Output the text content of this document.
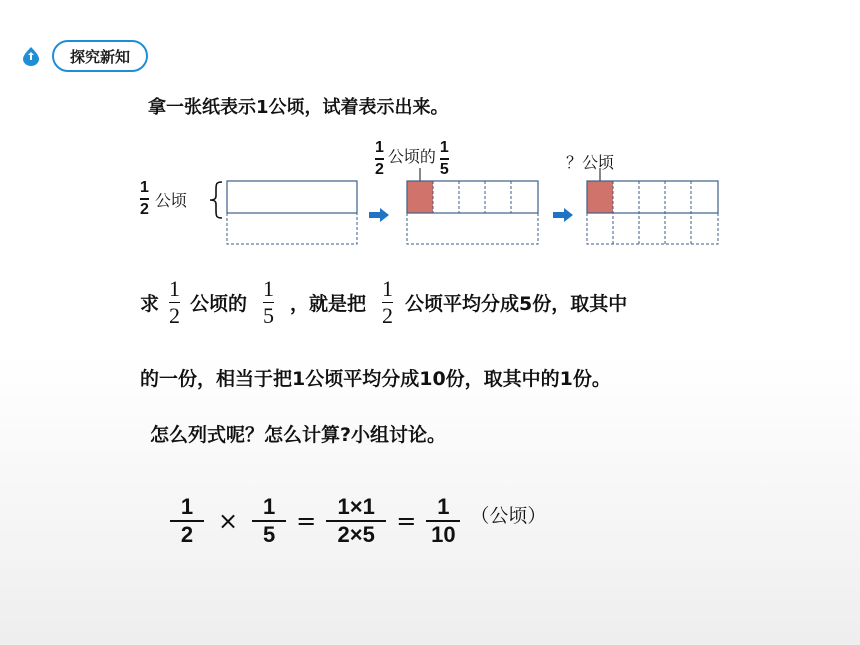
探究新知
拿一张纸表示1公顷，试着表示出来。
$\frac{1}{2}$ 公顷
$\frac{1}{2}$ 公顷的 $\frac{1}{5}$	？公顷
求 $\frac{1}{2}$ 公顷的 $\frac{1}{5}$ ，就是把 $\frac{1}{2}$ 公顷平均分成5份，取其中
的一份，相当于把1公顷平均分成10份，取其中的1份。
怎么列式呢？怎么计算?小组讨论。
$\frac{1}{2} \times \frac{1}{5} = \frac{1\times 1}{2\times 5} = \frac{1}{10}$ （公顷）
